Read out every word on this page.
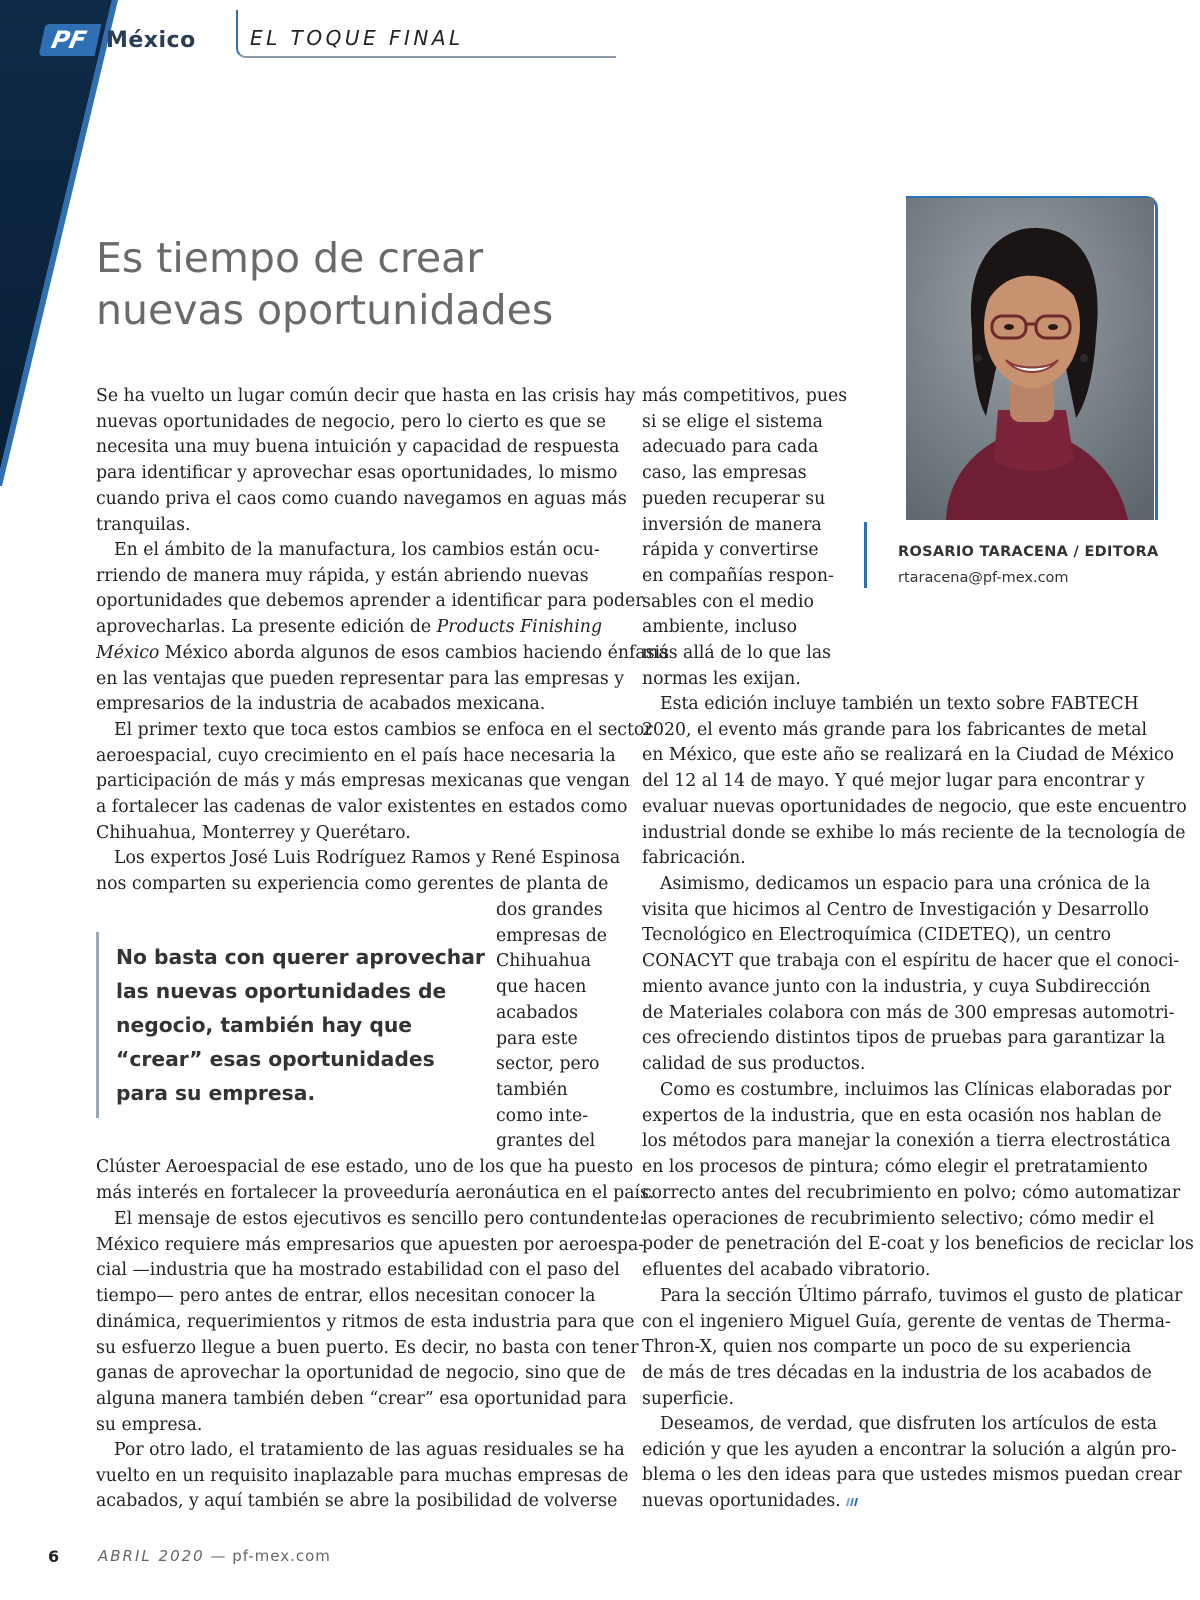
PF México	EL TOQUE FINAL
Es tiempo de crear
nuevas oportunidades
ROSARIO TARACENA / EDITORA
rtaracena@pf-mex.com
Se ha vuelto un lugar común decir que hasta en las crisis hay
nuevas oportunidades de negocio, pero lo cierto es que se
necesita una muy buena intuición y capacidad de respuesta
para identificar y aprovechar esas oportunidades, lo mismo
cuando priva el caos como cuando navegamos en aguas más
tranquilas.
En el ámbito de la manufactura, los cambios están ocu-
rriendo de manera muy rápida, y están abriendo nuevas
oportunidades que debemos aprender a identificar para poder
aprovecharlas. La presente edición de Products Finishing
México México aborda algunos de esos cambios haciendo énfasis
en las ventajas que pueden representar para las empresas y
empresarios de la industria de acabados mexicana.
El primer texto que toca estos cambios se enfoca en el sector
aeroespacial, cuyo crecimiento en el país hace necesaria la
participación de más y más empresas mexicanas que vengan
a fortalecer las cadenas de valor existentes en estados como
Chihuahua, Monterrey y Querétaro.
Los expertos José Luis Rodríguez Ramos y René Espinosa
nos comparten su experiencia como gerentes de planta de
dos grandes
empresas de
Chihuahua
que hacen
acabados
para este
sector, pero
también
como inte-
grantes del
No basta con querer aprovechar
las nuevas oportunidades de
negocio, también hay que
“crear” esas oportunidades
para su empresa.
Clúster Aeroespacial de ese estado, uno de los que ha puesto
más interés en fortalecer la proveeduría aeronáutica en el país.
El mensaje de estos ejecutivos es sencillo pero contundente:
México requiere más empresarios que apuesten por aeroespa-
cial —industria que ha mostrado estabilidad con el paso del
tiempo— pero antes de entrar, ellos necesitan conocer la
dinámica, requerimientos y ritmos de esta industria para que
su esfuerzo llegue a buen puerto. Es decir, no basta con tener
ganas de aprovechar la oportunidad de negocio, sino que de
alguna manera también deben “crear” esa oportunidad para
su empresa.
Por otro lado, el tratamiento de las aguas residuales se ha
vuelto en un requisito inaplazable para muchas empresas de
acabados, y aquí también se abre la posibilidad de volverse
más competitivos, pues
si se elige el sistema
adecuado para cada
caso, las empresas
pueden recuperar su
inversión de manera
rápida y convertirse
en compañías respon-
sables con el medio
ambiente, incluso
más allá de lo que las
normas les exijan.
Esta edición incluye también un texto sobre FABTECH
2020, el evento más grande para los fabricantes de metal
en México, que este año se realizará en la Ciudad de México
del 12 al 14 de mayo. Y qué mejor lugar para encontrar y
evaluar nuevas oportunidades de negocio, que este encuentro
industrial donde se exhibe lo más reciente de la tecnología de
fabricación.
Asimismo, dedicamos un espacio para una crónica de la
visita que hicimos al Centro de Investigación y Desarrollo
Tecnológico en Electroquímica (CIDETEQ), un centro
CONACYT que trabaja con el espíritu de hacer que el conoci-
miento avance junto con la industria, y cuya Subdirección
de Materiales colabora con más de 300 empresas automotri-
ces ofreciendo distintos tipos de pruebas para garantizar la
calidad de sus productos.
Como es costumbre, incluimos las Clínicas elaboradas por
expertos de la industria, que en esta ocasión nos hablan de
los métodos para manejar la conexión a tierra electrostática
en los procesos de pintura; cómo elegir el pretratamiento
correcto antes del recubrimiento en polvo; cómo automatizar
las operaciones de recubrimiento selectivo; cómo medir el
poder de penetración del E-coat y los beneficios de reciclar los
efluentes del acabado vibratorio.
Para la sección Último párrafo, tuvimos el gusto de platicar
con el ingeniero Miguel Guía, gerente de ventas de Therma-
Thron-X, quien nos comparte un poco de su experiencia
de más de tres décadas en la industria de los acabados de
superficie.
Deseamos, de verdad, que disfruten los artículos de esta
edición y que les ayuden a encontrar la solución a algún pro-
blema o les den ideas para que ustedes mismos puedan crear
nuevas oportunidades.
6	ABRIL 2020 — pf-mex.com
